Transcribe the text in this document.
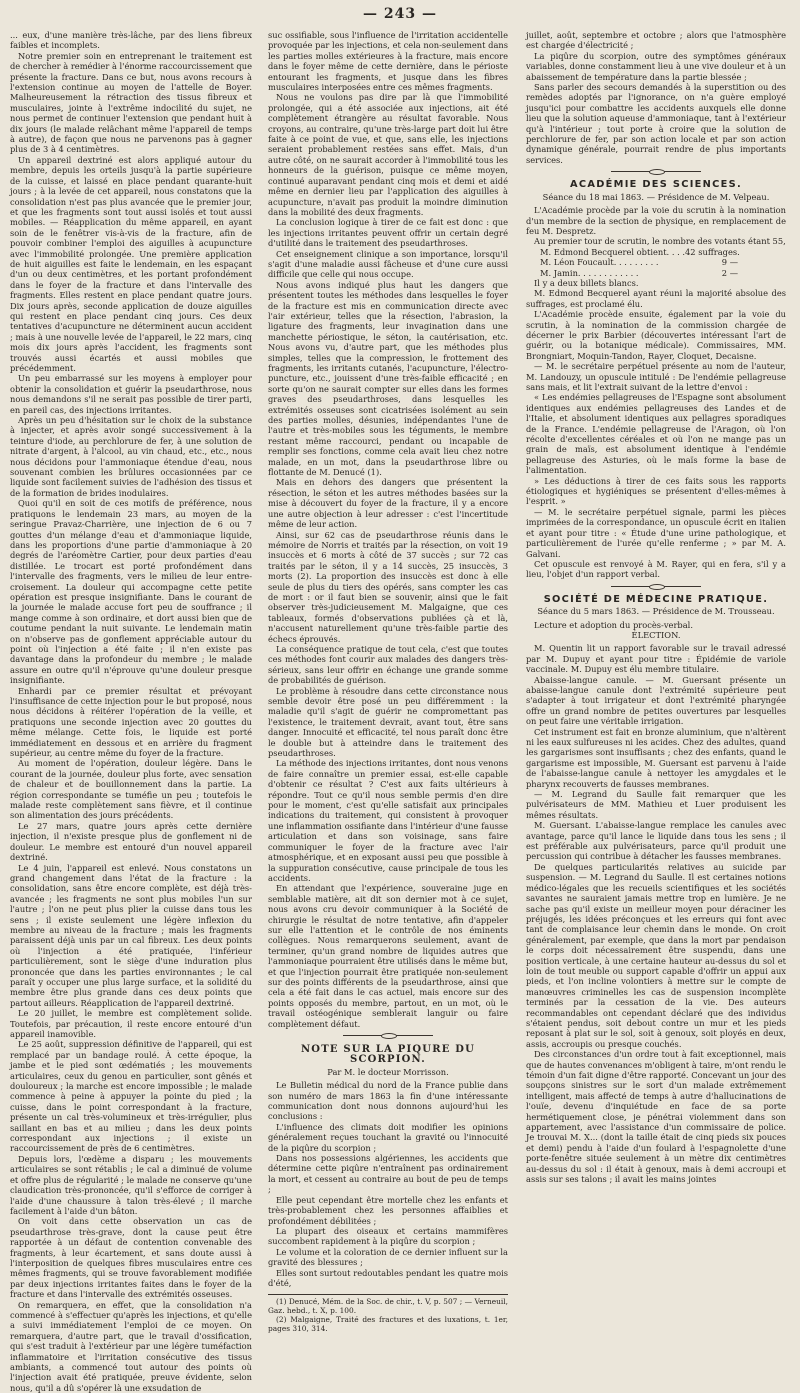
— 243 —

... eux, d'une manière très-lâche, par des liens fibreux faibles et incomplets.

Notre premier soin en entreprenant le traitement est de chercher à remédier à l'énorme raccourcissement que présente la fracture. Dans ce but, nous avons recours à l'extension continue au moyen de l'attelle de Boyer. Malheureusement la rétraction des tissus fibreux et musculaires, jointe à l'extrême indocilité du sujet, ne nous permet de continuer l'extension que pendant huit à dix jours (le malade relâchant même l'appareil de temps à autre), de façon que nous ne parvenons pas à gagner plus de 3 à 4 centimètres.

Un appareil dextriné est alors appliqué autour du membre, depuis les orteils jusqu'à la partie supérieure de la cuisse, et laissé en place pendant quarante-huit jours ; à la levée de cet appareil, nous constatons que la consolidation n'est pas plus avancée que le premier jour, et que les fragments sont tout aussi isolés et tout aussi mobiles. — Réapplication du même appareil, en ayant soin de le fenêtrer vis-à-vis de la fracture, afin de pouvoir combiner l'emploi des aiguilles à acupuncture avec l'immobilité prolongée. Une première application de huit aiguilles est faite le lendemain, en les espaçant d'un ou deux centimètres, et les portant profondément dans le foyer de la fracture et dans l'intervalle des fragments. Elles restent en place pendant quatre jours. Dix jours après, seconde application de douze aiguilles qui restent en place pendant cinq jours. Ces deux tentatives d'acupuncture ne déterminent aucun accident ; mais à une nouvelle levée de l'appareil, le 22 mars, cinq mois dix jours après l'accident, les fragments sont trouvés aussi écartés et aussi mobiles que précédemment.

Un peu embarrassé sur les moyens à employer pour obtenir la consolidation et guérir la pseudarthrose, nous nous demandons s'il ne serait pas possible de tirer parti, en pareil cas, des injections irritantes.

Après un peu d'hésitation sur le choix de la substance à injecter, et après avoir songé successivement à la teinture d'iode, au perchlorure de fer, à une solution de nitrate d'argent, à l'alcool, au vin chaud, etc., etc., nous nous décidons pour l'ammoniaque étendue d'eau, nous souvenant combien les brûlures occasionnées par ce liquide sont facilement suivies de l'adhésion des tissus et de la formation de brides inodulaires.

Quoi qu'il en soit de ces motifs de préférence, nous pratiquons le lendemain 23 mars, au moyen de la seringue Pravaz-Charrière, une injection de 6 ou 7 gouttes d'un mélange d'eau et d'ammoniaque liquide, dans les proportions d'une partie d'ammoniaque à 20 degrés de l'aréomètre Cartier, pour deux parties d'eau distillée. Le trocart est porté profondément dans l'intervalle des fragments, vers le milieu de leur entre-croisement. La douleur qui accompagne cette petite opération est presque insignifiante. Dans le courant de la journée le malade accuse fort peu de souffrance ; il mange comme à son ordinaire, et dort aussi bien que de coutume pendant la nuit suivante. Le lendemain matin on n'observe pas de gonflement appréciable autour du point où l'injection a été faite ; il n'en existe pas davantage dans la profondeur du membre ; le malade assure en outre qu'il n'éprouve qu'une douleur presque insignifiante.

Enhardi par ce premier résultat et prévoyant l'insuffisance de cette injection pour le but proposé, nous nous décidons à réitérer l'opération de la veille, et pratiquons une seconde injection avec 20 gouttes du même mélange. Cette fois, le liquide est porté immédiatement en dessous et en arrière du fragment supérieur, au centre même du foyer de la fracture.

Au moment de l'opération, douleur légère. Dans le courant de la journée, douleur plus forte, avec sensation de chaleur et de bouillonnement dans la partie. La région correspondante se tuméfie un peu ; toutefois le malade reste complètement sans fièvre, et il continue son alimentation des jours précédents.

Le 27 mars, quatre jours après cette dernière injection, il n'existe presque plus de gonflement ni de douleur. Le membre est entouré d'un nouvel appareil dextriné.

Le 4 juin, l'appareil est enlevé. Nous constatons un grand changement dans l'état de la fracture : la consolidation, sans être encore complète, est déjà très-avancée ; les fragments ne sont plus mobiles l'un sur l'autre ; l'on ne peut plus plier la cuisse dans tous les sens ; il existe seulement une légère inflexion du membre au niveau de la fracture ; mais les fragments paraissent déjà unis par un cal fibreux. Les deux points où l'injection a été pratiquée, l'inférieur particulièrement, sont le siège d'une induration plus prononcée que dans les parties environnantes ; le cal paraît y occuper une plus large surface, et la solidité du membre être plus grande dans ces deux points que partout ailleurs. Réapplication de l'appareil dextriné.

Le 20 juillet, le membre est complètement solide. Toutefois, par précaution, il reste encore entouré d'un appareil inamovible.

Le 25 août, suppression définitive de l'appareil, qui est remplacé par un bandage roulé. À cette époque, la jambe et le pied sont œdématiés ; les mouvements articulaires, ceux du genou en particulier, sont gênés et douloureux ; la marche est encore impossible ; le malade commence à peine à appuyer la pointe du pied ; la cuisse, dans le point correspondant à la fracture, présente un cal très-volumineux et très-irrégulier, plus saillant en bas et au milieu ; dans les deux points correspondant aux injections ; il existe un raccourcissement de près de 6 centimètres.

Depuis lors, l'œdème a disparu ; les mouvements articulaires se sont rétablis ; le cal a diminué de volume et offre plus de régularité ; le malade ne conserve qu'une claudication très-prononcée, qu'il s'efforce de corriger à l'aide d'une chaussure à talon très-élevé ; il marche facilement à l'aide d'un bâton.

On voit dans cette observation un cas de pseudarthrose très-grave, dont la cause peut être rapportée à un défaut de contention convenable des fragments, à leur écartement, et sans doute aussi à l'interposition de quelques fibres musculaires entre ces mêmes fragments, qui se trouve favorablement modifiée par deux injections irritantes faites dans le foyer de la fracture et dans l'intervalle des extrémités osseuses.

On remarquera, en effet, que la consolidation n'a commencé à s'effectuer qu'après les injections, et qu'elle a suivi immédiatement l'emploi de ce moyen. On remarquera, d'autre part, que le travail d'ossification, qui s'est traduit à l'extérieur par une légère tuméfaction inflammatoire et l'irritation consécutive des tissus ambiants, a commencé tout autour des points où l'injection avait été pratiquée, preuve évidente, selon nous, qu'il a dû s'opérer là une exsudation de

suc ossifiable, sous l'influence de l'irritation accidentelle provoquée par les injections, et cela non-seulement dans les parties molles extérieures à la fracture, mais encore dans le foyer même de cette dernière, dans le périoste entourant les fragments, et jusque dans les fibres musculaires interposées entre ces mêmes fragments.

Nous ne voulons pas dire par là que l'immobilité prolongée, qui a été associée aux injections, ait été complètement étrangère au résultat favorable. Nous croyons, au contraire, qu'une très-large part doit lui être faite à ce point de vue, et que, sans elle, les injections seraient probablement restées sans effet. Mais, d'un autre côté, on ne saurait accorder à l'immobilité tous les honneurs de la guérison, puisque ce même moyen, continué auparavant pendant cinq mois et demi et aidé même en dernier lieu par l'application des aiguilles à acupuncture, n'avait pas produit la moindre diminution dans la mobilité des deux fragments.

La conclusion logique à tirer de ce fait est donc : que les injections irritantes peuvent offrir un certain degré d'utilité dans le traitement des pseudarthroses.

Cet enseignement clinique a son importance, lorsqu'il s'agit d'une maladie aussi fâcheuse et d'une cure aussi difficile que celle qui nous occupe.

Nous avons indiqué plus haut les dangers que présentent toutes les méthodes dans lesquelles le foyer de la fracture est mis en communication directe avec l'air extérieur, telles que la résection, l'abrasion, la ligature des fragments, leur invagination dans une manchette périostique, le séton, la cautérisation, etc. Nous avons vu, d'autre part, que les méthodes plus simples, telles que la compression, le frottement des fragments, les irritants cutanés, l'acupuncture, l'électro-puncture, etc., jouissent d'une très-faible efficacité ; en sorte qu'on ne saurait compter sur elles dans les formes graves des pseudarthroses, dans lesquelles les extrémités osseuses sont cicatrisées isolément au sein des parties molles, désunies, indépendantes l'une de l'autre et très-mobiles sous les téguments, le membre restant même raccourci, pendant ou incapable de remplir ses fonctions, comme cela avait lieu chez notre malade, en un mot, dans la pseudarthrose libre ou flottante de M. Denucé (1).

Mais en dehors des dangers que présentent la résection, le séton et les autres méthodes basées sur la mise à découvert du foyer de la fracture, il y a encore une autre objection à leur adresser : c'est l'incertitude même de leur action.

Ainsi, sur 62 cas de pseudarthrose réunis dans le mémoire de Norris et traités par la résection, on voit 19 insuccès et 6 morts à côté de 37 succès ; sur 72 cas traités par le séton, il y a 14 succès, 25 insuccès, 3 morts (2). La proportion des insuccès est donc à elle seule de plus du tiers des opérés, sans compter les cas de mort : or il faut bien se souvenir, ainsi que le fait observer très-judicieusement M. Malgaigne, que ces tableaux, formés d'observations publiées çà et là, n'accusent naturellement qu'une très-faible partie des échecs éprouvés.

La conséquence pratique de tout cela, c'est que toutes ces méthodes font courir aux malades des dangers très-sérieux, sans leur offrir en échange une grande somme de probabilités de guérison.

Le problème à résoudre dans cette circonstance nous semble devoir être posé un peu différemment : la maladie qu'il s'agit de guérir ne compromettant pas l'existence, le traitement devrait, avant tout, être sans danger. Innocuité et efficacité, tel nous paraît donc être le double but à atteindre dans le traitement des pseudarthroses.

La méthode des injections irritantes, dont nous venons de faire connaître un premier essai, est-elle capable d'obtenir ce résultat ? C'est aux faits ultérieurs à répondre. Tout ce qu'il nous semble permis d'en dire pour le moment, c'est qu'elle satisfait aux principales indications du traitement, qui consistent à provoquer une inflammation ossifiante dans l'intérieur d'une fausse articulation et dans son voisinage, sans faire communiquer le foyer de la fracture avec l'air atmosphérique, et en exposant aussi peu que possible à la suppuration consécutive, cause principale de tous les accidents.

En attendant que l'expérience, souveraine juge en semblable matière, ait dit son dernier mot à ce sujet, nous avons cru devoir communiquer à la Société de chirurgie le résultat de notre tentative, afin d'appeler sur elle l'attention et le contrôle de nos éminents collègues. Nous remarquerons seulement, avant de terminer, qu'un grand nombre de liquides autres que l'ammoniaque pourraient être utilisés dans le même but, et que l'injection pourrait être pratiquée non-seulement sur des points différents de la pseudarthrose, ainsi que cela a été fait dans le cas actuel, mais encore sur des points opposés du membre, partout, en un mot, où le travail ostéogénique semblerait languir ou faire complètement défaut.

NOTE SUR LA PIQURE DU SCORPION.
Par M. le docteur Morrisson.

Le Bulletin médical du nord de la France publie dans son numéro de mars 1863 la fin d'une intéressante communication dont nous donnons aujourd'hui les conclusions :

L'influence des climats doit modifier les opinions généralement reçues touchant la gravité ou l'innocuité de la piqûre du scorpion ;

Dans nos possessions algériennes, les accidents que détermine cette piqûre n'entraînent pas ordinairement la mort, et cessent au contraire au bout de peu de temps ;

Elle peut cependant être mortelle chez les enfants et très-probablement chez les personnes affaiblies et profondément débilitées ;

La plupart des oiseaux et certains mammifères succombent rapidement à la piqûre du scorpion ;

Le volume et la coloration de ce dernier influent sur la gravité des blessures ;

Elles sont surtout redoutables pendant les quatre mois d'été,

(1) Denucé, Mém. de la Soc. de chir., t. V, p. 507 ; — Verneuil, Gaz. hebd., t. X, p. 100.

(2) Malgaigne, Traité des fractures et des luxations, t. 1er, pages 310, 314.

juillet, août, septembre et octobre ; alors que l'atmosphère est chargée d'électricité ;

La piqûre du scorpion, outre des symptômes généraux variables, donne constamment lieu à une vive douleur et à un abaissement de température dans la partie blessée ;

Sans parler des secours demandés à la superstition ou des remèdes adoptés par l'ignorance, on n'a guère employé jusqu'ici pour combattre les accidents auxquels elle donne lieu que la solution aqueuse d'ammoniaque, tant à l'extérieur qu'à l'intérieur ; tout porte à croire que la solution de perchlorure de fer, par son action locale et par son action dynamique générale, pourrait rendre de plus importants services.

ACADÉMIE DES SCIENCES.
Séance du 18 mai 1863. — Présidence de M. Velpeau.

L'Académie procède par la voie du scrutin à la nomination d'un membre de la section de physique, en remplacement de feu M. Despretz.

Au premier tour de scrutin, le nombre des votants étant 55,

M. Edmond Becquerel obtient. . . . 42 suffrages.
M. Léon Foucault. . . . . . . . .	9 —
M. Jamin. . . . . . . . . . . .	2 —

Il y a deux billets blancs.

M. Edmond Becquerel ayant réuni la majorité absolue des suffrages, est proclamé élu.

L'Académie procède ensuite, également par la voie du scrutin, à la nomination de la commission chargée de décerner le prix Barbier (découvertes intéressant l'art de guérir, ou la botanique médicale). Commissaires, MM. Brongniart, Moquin-Tandon, Rayer, Cloquet, Decaisne.

— M. le secrétaire perpétuel présente au nom de l'auteur, M. Landouzy, un opuscule intitulé : De l'endémie pellagreuse sans mais, et lit l'extrait suivant de la lettre d'envoi :

« Les endémies pellagreuses de l'Espagne sont absolument identiques aux endémies pellagreuses des Landes et de l'Italie, et absolument identiques aux pellagres sporadiques de la France. L'endémie pellagreuse de l'Aragon, où l'on récolte d'excellentes céréales et où l'on ne mange pas un grain de maïs, est absolument identique à l'endémie pellagreuse des Asturies, où le maïs forme la base de l'alimentation.

» Les déductions à tirer de ces faits sous les rapports étiologiques et hygiéniques se présentent d'elles-mêmes à l'esprit. »

— M. le secrétaire perpétuel signale, parmi les pièces imprimées de la correspondance, un opuscule écrit en italien et ayant pour titre : « Étude d'une urine pathologique, et particulièrement de l'urée qu'elle renferme ; » par M. A. Galvani.

Cet opuscule est renvoyé à M. Rayer, qui en fera, s'il y a lieu, l'objet d'un rapport verbal.

SOCIÉTÉ DE MÉDECINE PRATIQUE.
Séance du 5 mars 1863. — Présidence de M. Trousseau.

Lecture et adoption du procès-verbal.

ÉLECTION.

M. Quentin lit un rapport favorable sur le travail adressé par M. Dupuy et ayant pour titre : Épidémie de variole vaccinale. M. Dupuy est élu membre titulaire.

Abaisse-langue canule. — M. Guersant présente un abaisse-langue canule dont l'extrémité supérieure peut s'adapter à tout irrigateur et dont l'extrémité pharyngée offre un grand nombre de petites ouvertures par lesquelles on peut faire une véritable irrigation.

Cet instrument est fait en bronze aluminium, que n'altèrent ni les eaux sulfureuses ni les acides. Chez des adultes, quand les gargarismes sont insuffisants ; chez des enfants, quand le gargarisme est impossible, M. Guersant est parvenu à l'aide de l'abaisse-langue canule à nettoyer les amygdales et le pharynx recouverts de fausses membranes.

— M. Legrand du Saulle fait remarquer que les pulvérisateurs de MM. Mathieu et Luer produisent les mêmes résultats.

M. Guersant. L'abaisse-langue remplace les canules avec avantage, parce qu'il lance le liquide dans tous les sens ; il est préférable aux pulvérisateurs, parce qu'il produit une percussion qui contribue à détacher les fausses membranes.

De quelques particularités relatives au suicide par suspension. — M. Legrand du Saulle. Il est certaines notions médico-légales que les recueils scientifiques et les sociétés savantes ne sauraient jamais mettre trop en lumière. Je ne sache pas qu'il existe un meilleur moyen pour déraciner les préjugés, les idées préconçues et les erreurs qui font avec tant de complaisance leur chemin dans le monde. On croit généralement, par exemple, que dans la mort par pendaison le corps doit nécessairement être suspendu, dans une position verticale, à une certaine hauteur au-dessus du sol et loin de tout meuble ou support capable d'offrir un appui aux pieds, et l'on incline volontiers à mettre sur le compte de manœuvres criminelles les cas de suspension incomplète terminés par la cessation de la vie. Des auteurs recommandables ont cependant déclaré que des individus s'étaient pendus, soit debout contre un mur et les pieds reposant à plat sur le sol, soit à genoux, soit ployés en deux, assis, accroupis ou presque couchés.

Des circonstances d'un ordre tout à fait exceptionnel, mais que de hautes convenances m'obligent à taire, m'ont rendu le témoin d'un fait digne d'être rapporté. Concevant un jour des soupçons sinistres sur le sort d'un malade extrêmement intelligent, mais affecté de temps à autre d'hallucinations de l'ouïe, devenu d'inquiétude en face de sa porte hermétiquement close, je pénétrai violemment dans son appartement, avec l'assistance d'un commissaire de police. Je trouvai M. X... (dont la taille était de cinq pieds six pouces et demi) pendu à l'aide d'un foulard à l'espagnolette d'une porte-fenêtre située seulement à un mètre dix centimètres au-dessus du sol : il était à genoux, mais à demi accroupi et assis sur ses talons ; il avait les mains jointes
